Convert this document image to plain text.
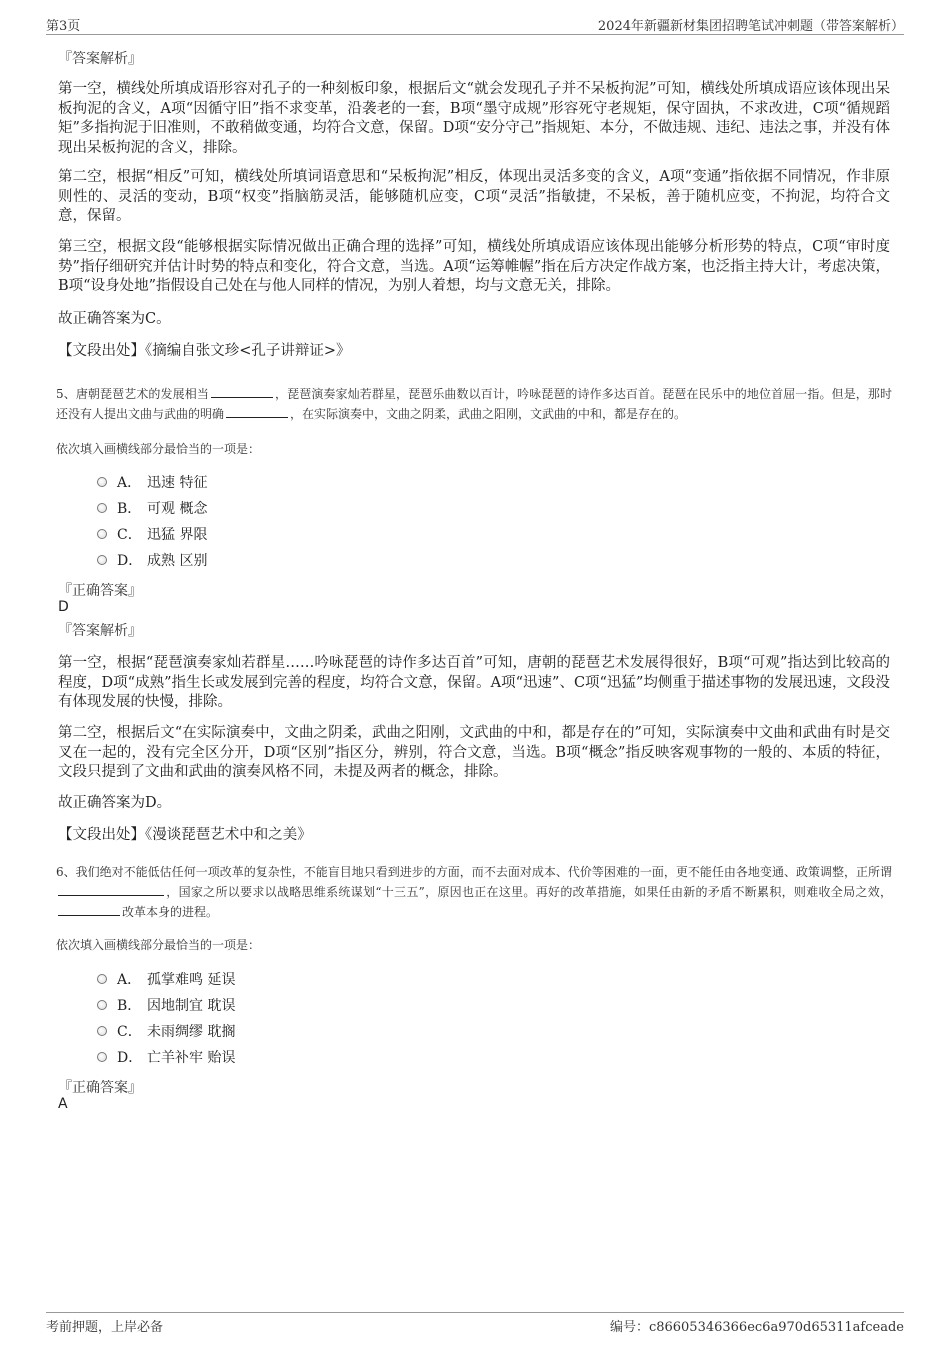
第3页	2024年新疆新材集团招聘笔试冲刺题（带答案解析）
『答案解析』
第一空，横线处所填成语形容对孔子的一种刻板印象，根据后文“就会发现孔子并不呆板拘泥”可知，横线处所填成语应该体现出呆板拘泥的含义，A项“因循守旧”指不求变革，沿袭老的一套，B项“墨守成规”形容死守老规矩，保守固执，不求改进，C项“循规蹈矩”多指拘泥于旧准则，不敢稍做变通，均符合文意，保留。D项“安分守己”指规矩、本分，不做违规、违纪、违法之事，并没有体现出呆板拘泥的含义，排除。
第二空，根据“相反”可知，横线处所填词语意思和“呆板拘泥”相反，体现出灵活多变的含义，A项“变通”指依据不同情况，作非原则性的、灵活的变动，B项“权变”指脑筋灵活，能够随机应变，C项“灵活”指敏捷，不呆板，善于随机应变，不拘泥，均符合文意，保留。
第三空，根据文段“能够根据实际情况做出正确合理的选择”可知，横线处所填成语应该体现出能够分析形势的特点，C项“审时度势”指仔细研究并估计时势的特点和变化，符合文意，当选。A项“运筹帷幄”指在后方决定作战方案，也泛指主持大计，考虑决策，B项“设身处地”指假设自己处在与他人同样的情况，为别人着想，均与文意无关，排除。
故正确答案为C。
【文段出处】《摘编自张文珍<孔子讲辩证>》
5、唐朝琵琶艺术的发展相当	，琵琶演奏家灿若群星，琵琶乐曲数以百计，吟咏琵琶的诗作多达百首。琵琶在民乐中的地位首屈一指。但是，那时还没有人提出文曲与武曲的明确	，在实际演奏中，文曲之阴柔，武曲之阳刚，文武曲的中和，都是存在的。
依次填入画横线部分最恰当的一项是：
A． 迅速 特征
B． 可观 概念
C． 迅猛 界限
D． 成熟 区别
『正确答案』
D
『答案解析』
第一空，根据“琵琶演奏家灿若群星……吟咏琵琶的诗作多达百首”可知，唐朝的琵琶艺术发展得很好，B项“可观”指达到比较高的程度，D项“成熟”指生长或发展到完善的程度，均符合文意，保留。A项“迅速”、C项“迅猛”均侧重于描述事物的发展迅速，文段没有体现发展的快慢，排除。
第二空，根据后文“在实际演奏中，文曲之阴柔，武曲之阳刚，文武曲的中和，都是存在的”可知，实际演奏中文曲和武曲有时是交叉在一起的，没有完全区分开，D项“区别”指区分，辨别，符合文意，当选。B项“概念”指反映客观事物的一般的、本质的特征，文段只提到了文曲和武曲的演奏风格不同，未提及两者的概念，排除。
故正确答案为D。
【文段出处】《漫谈琵琶艺术中和之美》
6、我们绝对不能低估任何一项改革的复杂性，不能盲目地只看到进步的方面，而不去面对成本、代价等困难的一面，更不能任由各地变通、政策调整，正所谓，国家之所以要求以战略思维系统谋划“十三五”，原因也正在这里。再好的改革措施，如果任由新的矛盾不断累积，则难收全局之效，改革本身的进程。
依次填入画横线部分最恰当的一项是：
A． 孤掌难鸣 延误
B． 因地制宜 耽误
C． 未雨绸缪 耽搁
D． 亡羊补牢 贻误
『正确答案』
A
考前押题，上岸必备	编号：c86605346366ec6a970d65311afceade
